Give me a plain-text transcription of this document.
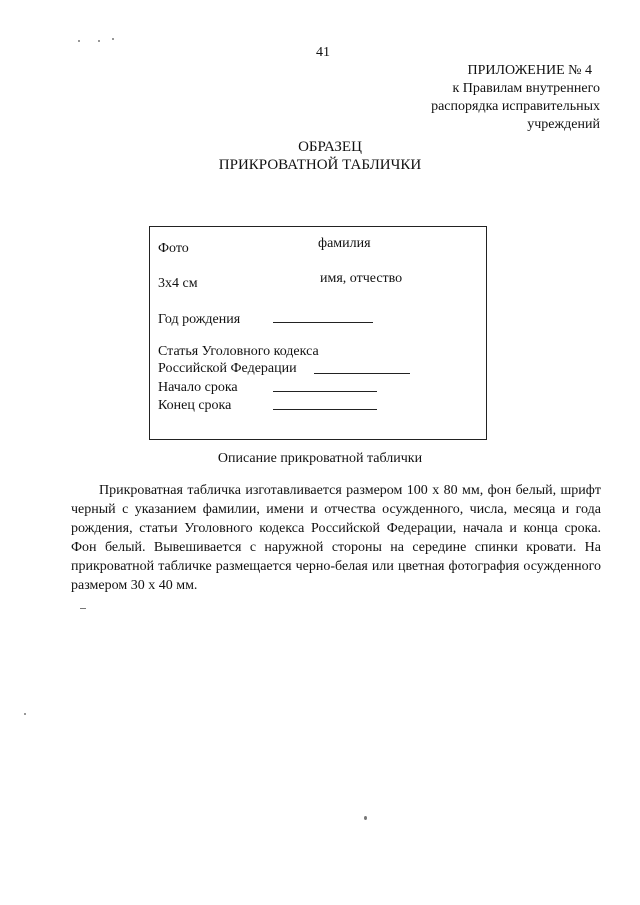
41
ПРИЛОЖЕНИЕ № 4
к Правилам внутреннего
распорядка исправительных
учреждений
ОБРАЗЕЦ
ПРИКРОВАТНОЙ ТАБЛИЧКИ
Фото	фамилия
3х4 см	имя, отчество
Год рождения
Статья Уголовного кодекса
Российской Федерации
Начало срока
Конец срока
Описание прикроватной таблички

Прикроватная табличка изготавливается размером 100 х 80 мм, фон белый, шрифт черный с указанием фамилии, имени и отчества осужденного, числа, месяца и года рождения, статьи Уголовного кодекса Российской Федерации, начала и конца срока. Фон белый. Вывешивается с наружной стороны на середине спинки кровати. На прикроватной табличке размещается черно-белая или цветная фотография осужденного размером 30 х 40 мм.
